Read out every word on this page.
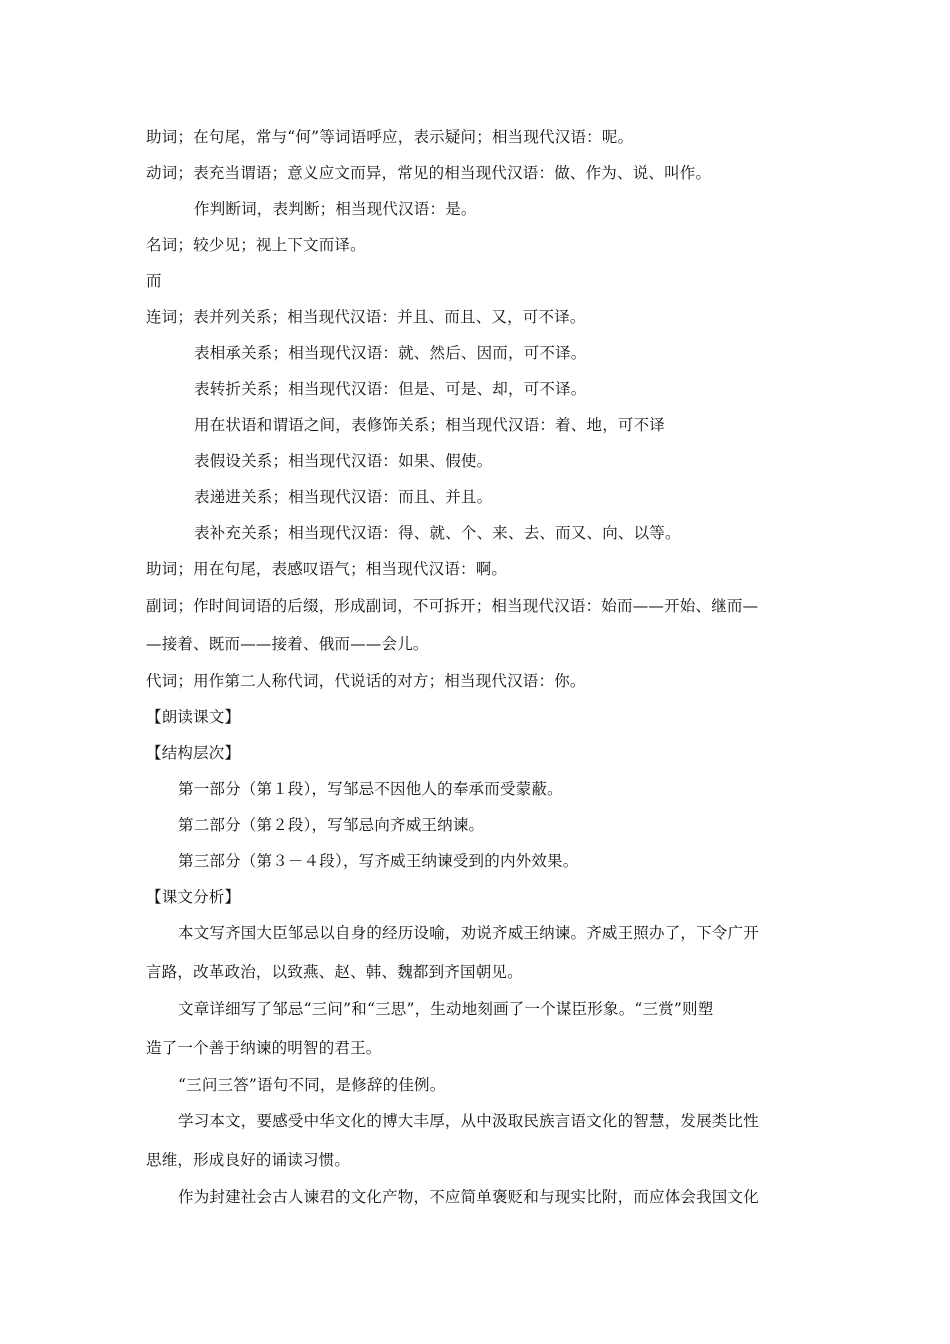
助词；在句尾，常与“何”等词语呼应，表示疑问；相当现代汉语：呢。
动词；表充当谓语；意义应文而异，常见的相当现代汉语：做、作为、说、叫作。
作判断词，表判断；相当现代汉语：是。
名词；较少见；视上下文而译。
而
连词；表并列关系；相当现代汉语：并且、而且、又，可不译。
表相承关系；相当现代汉语：就、然后、因而，可不译。
表转折关系；相当现代汉语：但是、可是、却，可不译。
用在状语和谓语之间，表修饰关系；相当现代汉语：着、地，可不译
表假设关系；相当现代汉语：如果、假使。
表递进关系；相当现代汉语：而且、并且。
表补充关系；相当现代汉语：得、就、个、来、去、而又、向、以等。
助词；用在句尾，表感叹语气；相当现代汉语：啊。
副词；作时间词语的后缀，形成副词，不可拆开；相当现代汉语：始而——开始、继而—
—接着、既而——接着、俄而——会儿。
代词；用作第二人称代词，代说话的对方；相当现代汉语：你。
【朗读课文】
【结构层次】
第一部分（第１段），写邹忌不因他人的奉承而受蒙蔽。
第二部分（第２段），写邹忌向齐威王纳谏。
第三部分（第３－４段），写齐威王纳谏受到的内外效果。
【课文分析】
本文写齐国大臣邹忌以自身的经历设喻，劝说齐威王纳谏。齐威王照办了，下令广开
言路，改革政治，以致燕、赵、韩、魏都到齐国朝见。
文章详细写了邹忌“三问”和“三思”，生动地刻画了一个谋臣形象。“三赏”则塑
造了一个善于纳谏的明智的君王。
“三问三答”语句不同，是修辞的佳例。
学习本文，要感受中华文化的博大丰厚，从中汲取民族言语文化的智慧，发展类比性
思维，形成良好的诵读习惯。
作为封建社会古人谏君的文化产物，不应简单褒贬和与现实比附，而应体会我国文化
